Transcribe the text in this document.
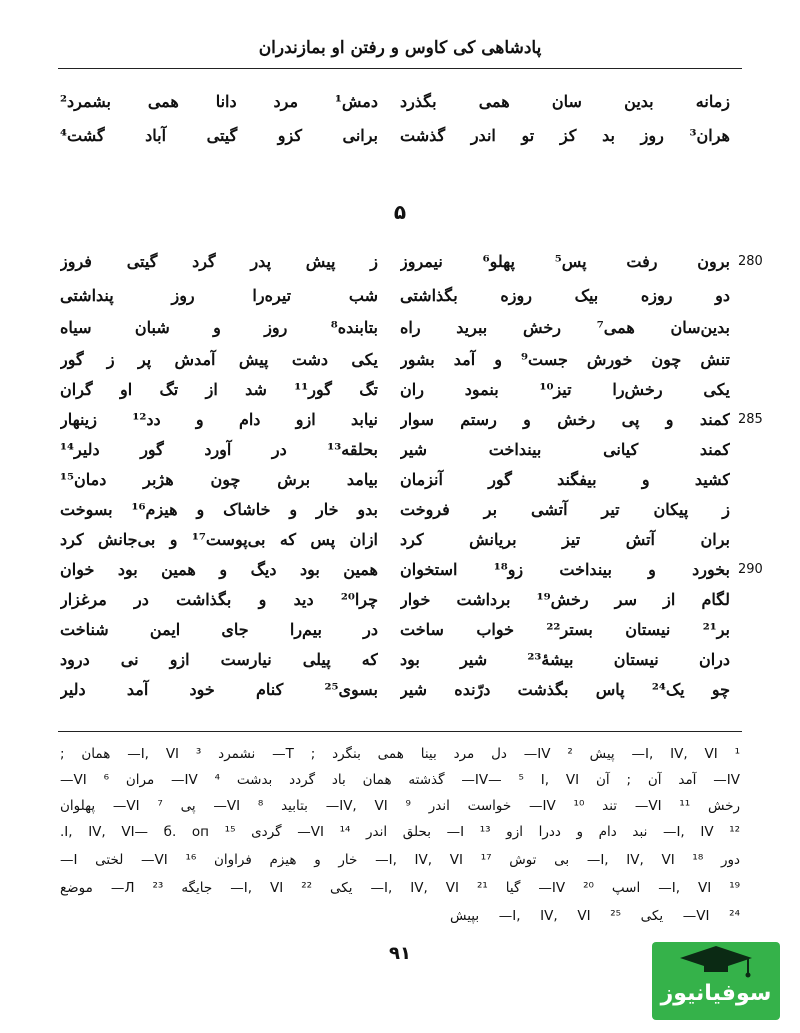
پادشاهی کی کاوس و رفتن او بمازندران
زمانه بدین سان همی بگذرد
دمش¹ مرد دانا همی بشمرد²
هران³ روز بد کز تو اندر گذشت
برانی کزو گیتی آباد گشت⁴
۵
280
برون رفت پس⁵ پهلو⁶ نیمروز
ز پیش پدر گرد گیتی فروز
دو روزه بیک روزه بگذاشتی
شب تیره‌را روز پنداشتی
بدین‌سان همی⁷ رخش ببرید راه
بتابنده⁸ روز و شبان سیاه
تنش چون خورش جست⁹ و آمد بشور
یکی دشت پیش آمدش پر ز گور
یکی رخش‌را تیز¹⁰ بنمود ران
تگ گور¹¹ شد از تگ او گران
285
کمند و پی رخش و رستم سوار
نیابد ازو دام و دد¹² زینهار
کمند کیانی بینداخت شیر
بحلقه¹³ در آورد گور دلیر¹⁴
کشید و بیفگند گور آنزمان
بیامد برش چون هژبر دمان¹⁵
ز پیکان تیر آتشی بر فروخت
بدو خار و خاشاک و هیزم¹⁶ بسوخت
بران آتش تیز بریانش کرد
ازان پس که بی‌پوست¹⁷ و بی‌جانش کرد
290
بخورد و بینداخت زو¹⁸ استخوان
همین بود دیگ و همین بود خوان
لگام از سر رخش¹⁹ برداشت خوار
چرا²⁰ دید و بگذاشت در مرغزار
بر²¹ نیستان بستر²² خواب ساخت
در بیم‌را جای ایمن شناخت
دران نیستان بیشهٔ²³ شیر بود
که پیلی نیارست ازو نی درود
چو یک²⁴ پاس بگذشت درّنده شیر
بسوی²⁵ کنام خود آمد دلیر
¹ I, IV, VI— پیش ² IV— دل مرد بینا همی بنگرد ; T— نشمرد ³ I, VI— همان ;
IV— آمد آن ; آن IV— ⁵ I, VI— گذشته همان باد گردد بدشت ⁴ IV— مران ⁶ VI—
رخش ¹¹ VI— تند ¹⁰ IV— خواست اندر ⁹ IV, VI— بتابید ⁸ VI— پی ⁷ VI— پهلوان
¹² I, IV— نبد دام و ددرا ازو ¹³ I— بحلق اندر ¹⁴ VI— گردی ¹⁵ I, IV, VI— б. оп.
دور ¹⁸ I, IV, VI— بی توش ¹⁷ I, IV, VI— خار و هیزم فراوان ¹⁶ VI— لختی I—
¹⁹ I, VI— اسپ ²⁰ IV— گیا ²¹ I, IV, VI— یکی ²² I, VI— جایگه ²³ Л— موضع
²⁴ VI— یکی ²⁵ I, IV, VI— بپیش
۹۱
سوفیانیوز
